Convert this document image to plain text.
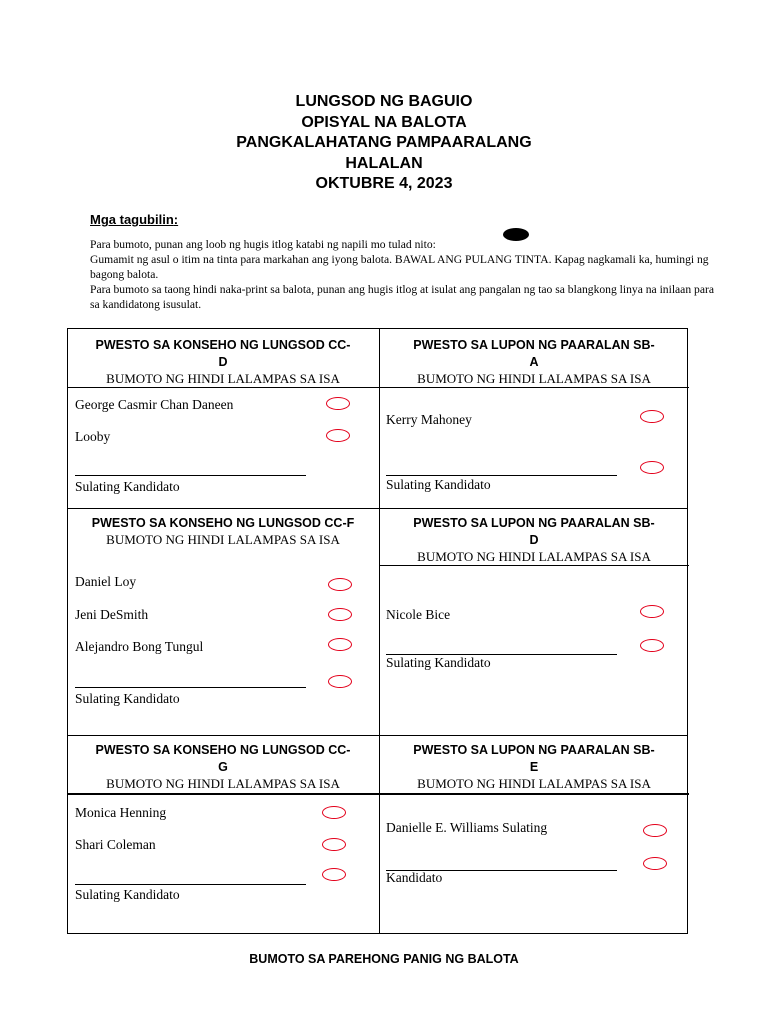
LUNGSOD NG BAGUIO
OPISYAL NA BALOTA
PANGKALAHATANG PAMPAARALANG
HALALAN
OKTUBRE 4, 2023
Mga tagubilin:

Para bumoto, punan ang loob ng hugis itlog katabi ng napili mo tulad nito:

Gumamit ng asul o itim na tinta para markahan ang iyong balota. BAWAL ANG PULANG TINTA. Kapag nagkamali ka, humingi ng bagong balota.

Para bumoto sa taong hindi naka-print sa balota, punan ang hugis itlog at isulat ang pangalan ng tao sa blangkong linya na inilaan para sa kandidatong isusulat.

PWESTO SA KONSEHO NG LUNGSOD CC-
D
BUMOTO NG HINDI LALAMPAS SA ISA
George Casmir Chan Daneen
Looby
Sulating Kandidato
PWESTO SA LUPON NG PAARALAN SB-
A
BUMOTO NG HINDI LALAMPAS SA ISA
Kerry Mahoney
Sulating Kandidato
PWESTO SA KONSEHO NG LUNGSOD CC-F
BUMOTO NG HINDI LALAMPAS SA ISA
Daniel Loy
Jeni DeSmith
Alejandro Bong Tungul
Sulating Kandidato
PWESTO SA LUPON NG PAARALAN SB-
D
BUMOTO NG HINDI LALAMPAS SA ISA
Nicole Bice
Sulating Kandidato
PWESTO SA KONSEHO NG LUNGSOD CC-
G
BUMOTO NG HINDI LALAMPAS SA ISA
Monica Henning
Shari Coleman
Sulating Kandidato
PWESTO SA LUPON NG PAARALAN SB-
E
BUMOTO NG HINDI LALAMPAS SA ISA
Danielle E. Williams Sulating
Kandidato
BUMOTO SA PAREHONG PANIG NG BALOTA
